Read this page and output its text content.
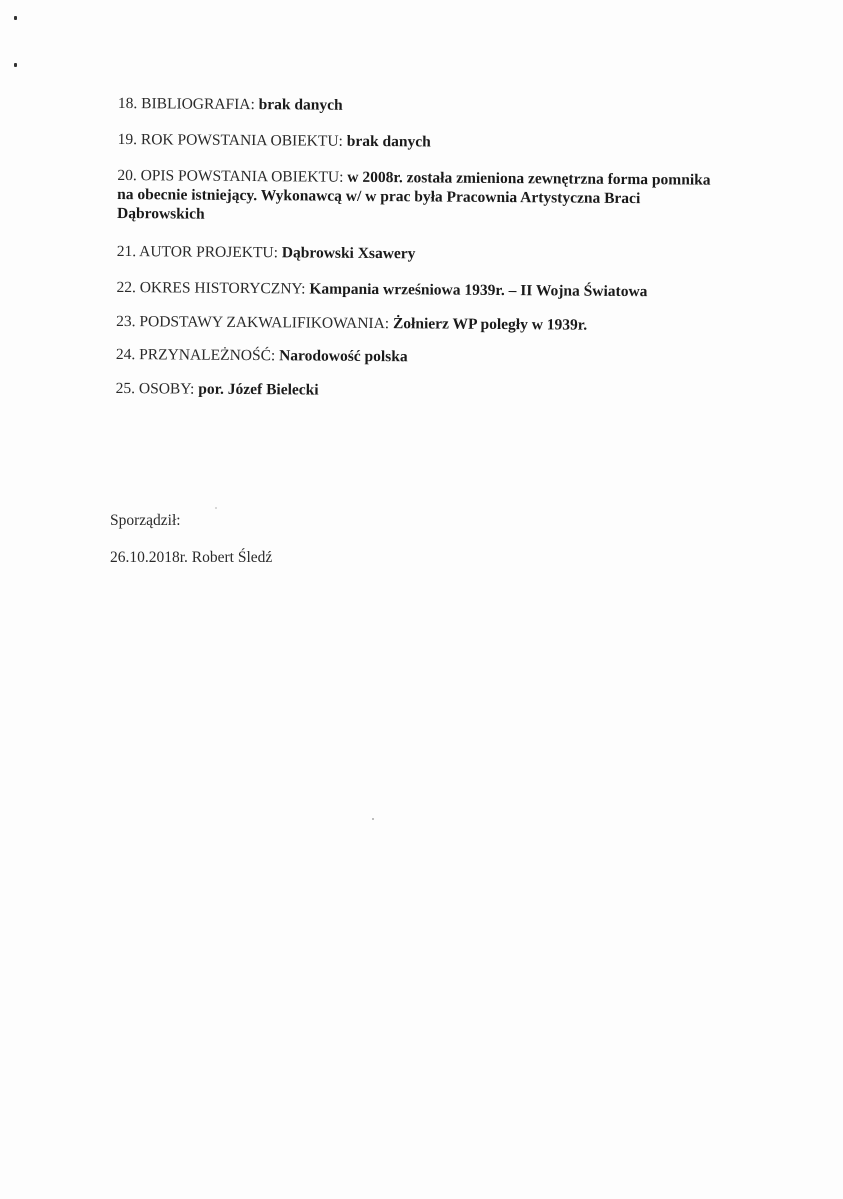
18. BIBLIOGRAFIA: brak danych

19. ROK POWSTANIA OBIEKTU: brak danych

20. OPIS POWSTANIA OBIEKTU: w 2008r. została zmieniona zewnętrzna forma pomnika na obecnie istniejący. Wykonawcą w/ w prac była Pracownia Artystyczna Braci Dąbrowskich

21. AUTOR PROJEKTU: Dąbrowski Xsawery

22. OKRES HISTORYCZNY: Kampania wrześniowa 1939r. – II Wojna Światowa

23. PODSTAWY ZAKWALIFIKOWANIA: Żołnierz WP poległy w 1939r.

24. PRZYNALEŻNOŚĆ: Narodowość polska

25. OSOBY: por. Józef Bielecki

Sporządził:

26.10.2018r. Robert Śledź
